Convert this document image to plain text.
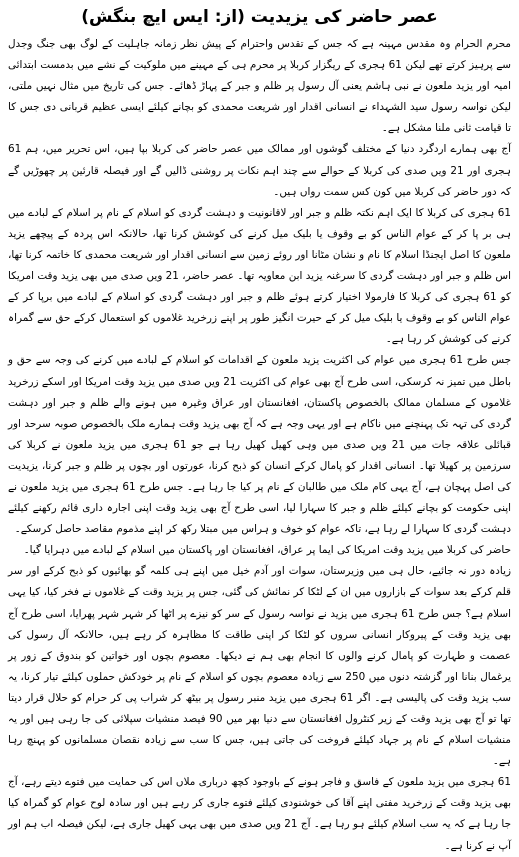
عصر حاضر کی یزیدیت (از: ایس ایچ بنگش)

محرم الحرام وہ مقدس مہینہ ہے کہ جس کے تقدس واحترام کے پیش نظر زمانہ جاہلیت کے لوگ بھی جنگ وجدل سے پرہیز کرتے تھے لیکن 61 ہجری کے ریگزار کربلا پر محرم ہی کے مہینے میں ملوکیت کے نشے میں بدمست ابتدائی امیہ اور یزید ملعون نے نبی ہاشم یعنی آل رسول پر ظلم و جبر کے پہاڑ ڈھائے۔ جس کی تاریخ میں مثال نہیں ملتی، لیکن نواسہ رسول سید الشہداء نے انسانی اقدار اور شریعت محمدی کو بچانے کیلئے ایسی عظیم قربانی دی جس کا تا قیامت ثانی ملنا مشکل ہے۔

آج بھی ہمارے اردگرد دنیا کے مختلف گوشوں اور ممالک میں عصر حاضر کی کربلا بپا ہیں، اس تحریر میں، ہم 61 ہجری اور 21 ویں صدی کی کربلا کے حوالے سے چند اہم نکات پر روشنی ڈالیں گے اور فیصلہ قارئین پر چھوڑیں گے کہ دور حاضر کی کربلا میں کون کس سمت رواں ہیں۔

61 ہجری کی کربلا کا ایک اہم نکتہ ظلم و جبر اور لاقانونیت و دہشت گردی کو اسلام کے نام پر اسلام کے لبادے میں ہی بر پا کر کے عوام الناس کو بے وقوف یا بلیک میل کرنے کی کوشش کرنا تھا، حالانکہ اس پردہ کے پیچھے یزید ملعون کا اصل ایجنڈا اسلام کا نام و نشان مٹانا اور روئے زمین سے انسانی اقدار اور شریعت محمدی کا خاتمہ کرنا تھا، اس ظلم و جبر اور دہشت گردی کا سرغنہ یزید ابن معاویہ تھا۔ عصر حاضر، 21 ویں صدی میں بھی یزید وقت امریکا کو 61 ہجری کی کربلا کا فارمولا اختیار کرتے ہوئے ظلم و جبر اور دہشت گردی کو اسلام کے لبادے میں برپا کر کے عوام الناس کو بے وقوف یا بلیک میل کر کے حیرت انگیز طور پر اپنے زرخرید غلاموں کو استعمال کرکے حق سے گمراہ کرنے کی کوشش کر رہا ہے۔

جس طرح 61 ہجری میں عوام کی اکثریت یزید ملعون کے اقدامات کو اسلام کے لبادے میں کرنے کی وجہ سے حق و باطل میں تمیز نہ کرسکی، اسی طرح آج بھی عوام کی اکثریت 21 ویں صدی میں یزید وقت امریکا اور اسکے زرخرید غلاموں کے مسلمان ممالک بالخصوص پاکستان، افغانستان اور عراق وغیرہ میں ہونے والے ظلم و جبر اور دہشت گردی کی تہہ تک پہنچنے میں ناکام ہے اور یہی وجہ ہے کہ آج بھی یزید وقت ہمارے ملک بالخصوص صوبہ سرحد اور قبائلی علاقہ جات میں 21 ویں صدی میں وہی کھیل کھیل رہا ہے جو 61 ہجری میں یزید ملعون نے کربلا کی سرزمین پر کھیلا تھا۔ انسانی اقدار کو پامال کرکے انسان کو ذبح کرنا، عورتوں اور بچوں پر ظلم و جبر کرنا، یزیدیت کی اصل پہچان ہے، آج یہی کام ملک میں طالبان کے نام پر کیا جا رہا ہے۔ جس طرح 61 ہجری میں یزید ملعون نے اپنی حکومت کو بچانے کیلئے ظلم و جبر کا سہارا لیا، اسی طرح آج بھی یزید وقت اپنی اجارہ داری قائم رکھنے کیلئے دہشت گردی کا سہارا لے رہا ہے، تاکہ عوام کو خوف و ہراس میں مبتلا رکھ کر اپنے مذموم مقاصد حاصل کرسکے۔

حاضر کی کربلا میں یزید وقت امریکا کی ایما پر عراق، افغانستان اور پاکستان میں اسلام کے لبادے میں دہرایا گیا۔

زیادہ دور نہ جائیے، حال ہی میں وزیرستان، سوات اور آدم خیل میں اپنے ہی کلمہ گو بھائیوں کو ذبح کرکے اور سر قلم کرکے بعد سوات کے بازاروں میں ان کے لٹکا کر نمائش کی گئی، جس پر یزید وقت کے غلاموں نے فخر کیا، کیا یہی اسلام ہے؟ جس طرح 61 ہجری میں یزید نے نواسہ رسول کے سر کو نیزے پر اٹھا کر شہر شہر پھرایا، اسی طرح آج بھی یزید وقت کے پیروکار انسانی سروں کو لٹکا کر اپنی طاقت کا مظاہرہ کر رہے ہیں، حالانکہ آل رسول کی عصمت و طہارت کو پامال کرنے والوں کا انجام بھی ہم نے دیکھا۔ معصوم بچوں اور خواتین کو بندوق کے زور پر یرغمال بنانا اور گزشتہ دنوں میں 250 سے زیادہ معصوم بچوں کو اسلام کے نام پر خودکش حملوں کیلئے تیار کرنا، یہ سب یزید وقت کی پالیسی ہے۔ اگر 61 ہجری میں یزید منبر رسول پر بیٹھ کر شراب پی کر حرام کو حلال قرار دیتا تھا تو آج بھی یزید وقت کے زیر کنٹرول افغانستان سے دنیا بھر میں 90 فیصد منشیات سپلائی کی جا رہی ہیں اور یہ منشیات اسلام کے نام پر جہاد کیلئے فروخت کی جاتی ہیں، جس کا سب سے زیادہ نقصان مسلمانوں کو پہنچ رہا ہے۔

61 ہجری میں یزید ملعون کے فاسق و فاجر ہونے کے باوجود کچھ درباری ملاں اس کی حمایت میں فتوے دیتے رہے، آج بھی یزید وقت کے زرخرید مفتی اپنے آقا کی خوشنودی کیلئے فتوے جاری کر رہے ہیں اور سادہ لوح عوام کو گمراہ کیا جا رہا ہے کہ یہ سب اسلام کیلئے ہو رہا ہے۔ آج 21 ویں صدی میں بھی یہی کھیل جاری ہے، لیکن فیصلہ اب ہم اور آپ نے کرنا ہے۔
